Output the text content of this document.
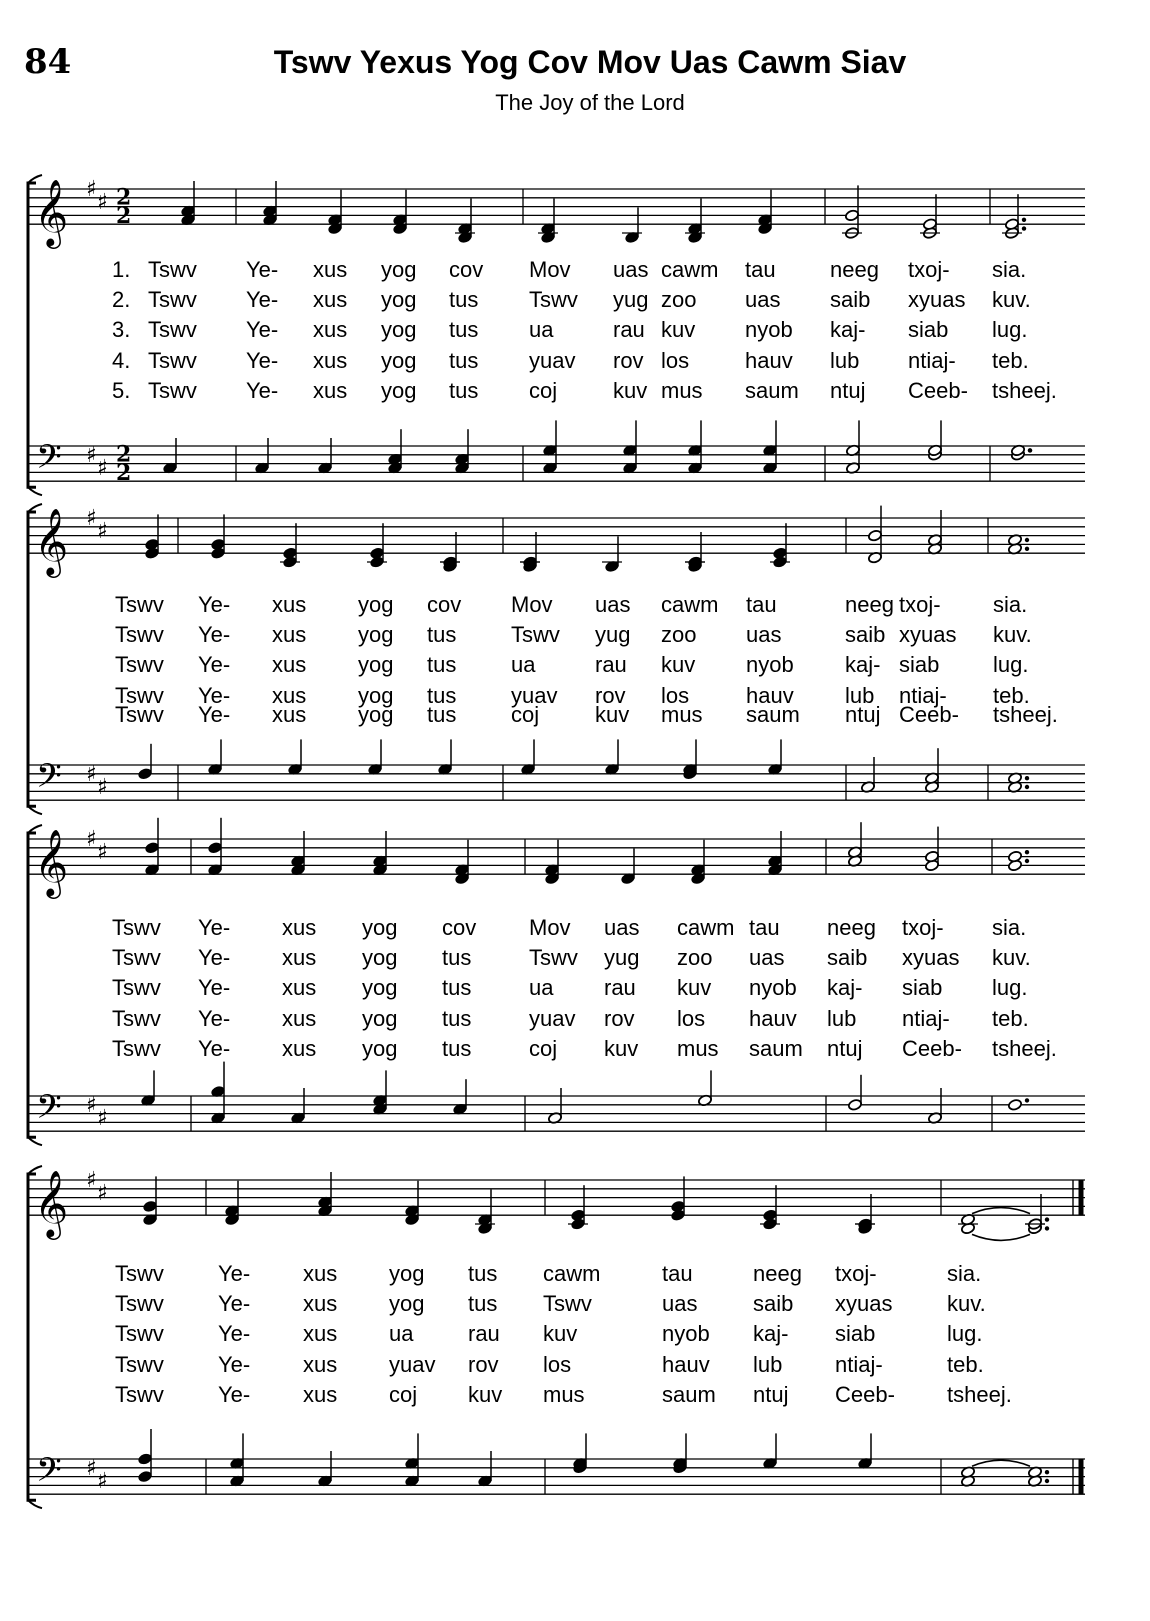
84	Tswv Yexus Yog Cov Mov Uas Cawm Siav
The Joy of the Lord
𝄞
𝄢
♯
♯
♯
♯
2
2
2
2
𝄞
𝄢
♯
♯
♯
♯
𝄞
𝄢
♯
♯
♯
♯
𝄞
𝄢
♯
♯
♯
♯
1. Tswv Ye- xus yog cov Mov uas cawm tau neeg txoj- sia.
2. Tswv Ye- xus yog tus Tswv yug zoo uas saib xyuas kuv.
3. Tswv Ye- xus yog tus ua	rau kuv nyob kaj- siab lug.
4. Tswv Ye- xus yog tus yuav rov los	hauv lub ntiaj- teb.
5. Tswv Ye- xus yog tus coj	kuv mus saum ntuj Ceeb- tsheej.
Tswv Ye- xus yog cov Mov uas cawm tau	neeg txoj- sia.
Tswv Ye- xus yog tus Tswv yug zoo uas	saib xyuas kuv.
Tswv Ye- xus yog tus ua	rau kuv nyob kaj- siab lug.
Tswv Ye- xus yog tus yuav rov los	hauv lub ntiaj- teb.
Tswv Ye- xus yog tus coj	kuv mus saum ntuj Ceeb- tsheej.
Tswv Ye- xus yog cov Mov uas cawm tau neeg txoj- sia.
Tswv Ye- xus yog tus	Tswv yug zoo uas saib xyuas kuv.
Tswv Ye- xus yog tus	ua rau kuv nyob kaj- siab lug.
Tswv Ye- xus yog tus	yuav rov los hauv lub ntiaj- teb.
Tswv Ye- xus yog tus	coj kuv mus saum ntuj Ceeb- tsheej.
Tswv Ye- xus yog tus cawm	tau	neeg txoj-	sia.
Tswv Ye- xus yog tus Tswv	uas	saib xyuas kuv.
Tswv Ye- xus ua rau kuv	nyob kaj- siab	lug.
Tswv Ye- xus yuav rov los	hauv lub ntiaj-	teb.
Tswv Ye- xus coj kuv mus	saum ntuj Ceeb- tsheej.
